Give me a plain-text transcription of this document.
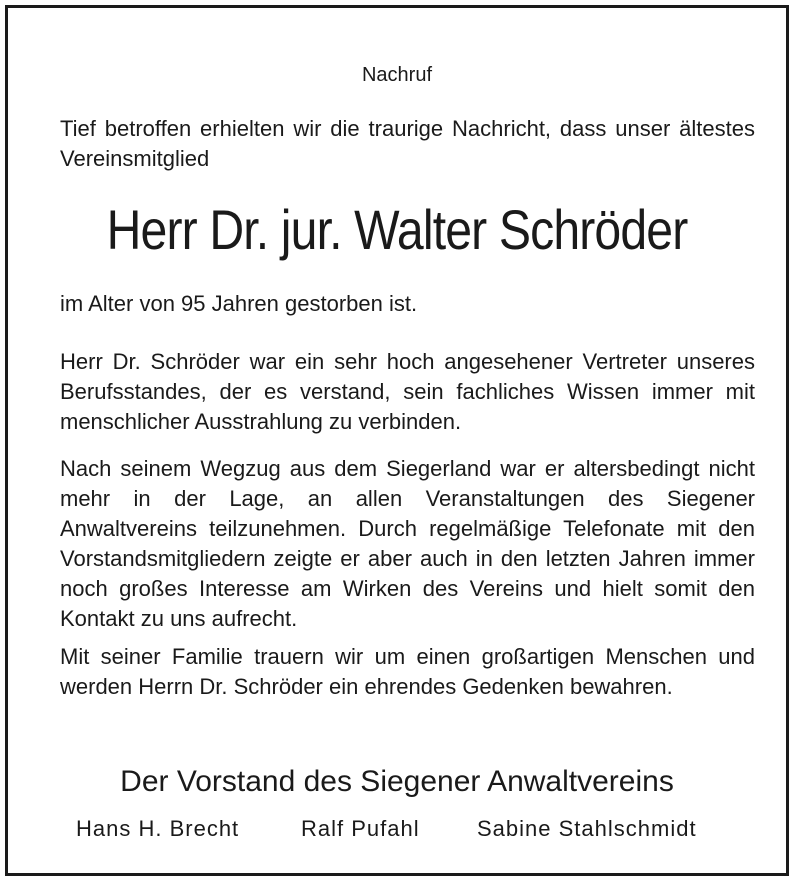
Nachruf

Tief betroffen erhielten wir die traurige Nachricht, dass unser ältestes Vereinsmitglied

Herr Dr. jur. Walter Schröder

im Alter von 95 Jahren gestorben ist.

Herr Dr. Schröder war ein sehr hoch angesehener Vertreter unseres Berufsstandes, der es verstand, sein fachliches Wissen immer mit menschlicher Ausstrahlung zu verbinden.

Nach seinem Wegzug aus dem Siegerland war er altersbedingt nicht mehr in der Lage, an allen Veranstaltungen des Siegener Anwaltvereins teilzunehmen. Durch regelmäßige Telefonate mit den Vorstandsmitgliedern zeigte er aber auch in den letzten Jahren immer noch großes Interesse am Wirken des Vereins und hielt somit den Kontakt zu uns aufrecht.

Mit seiner Familie trauern wir um einen großartigen Menschen und werden Herrn Dr. Schröder ein ehrendes Gedenken bewahren.

Der Vorstand des Siegener Anwaltvereins
Hans H. Brecht	Ralf Pufahl	Sabine Stahlschmidt
